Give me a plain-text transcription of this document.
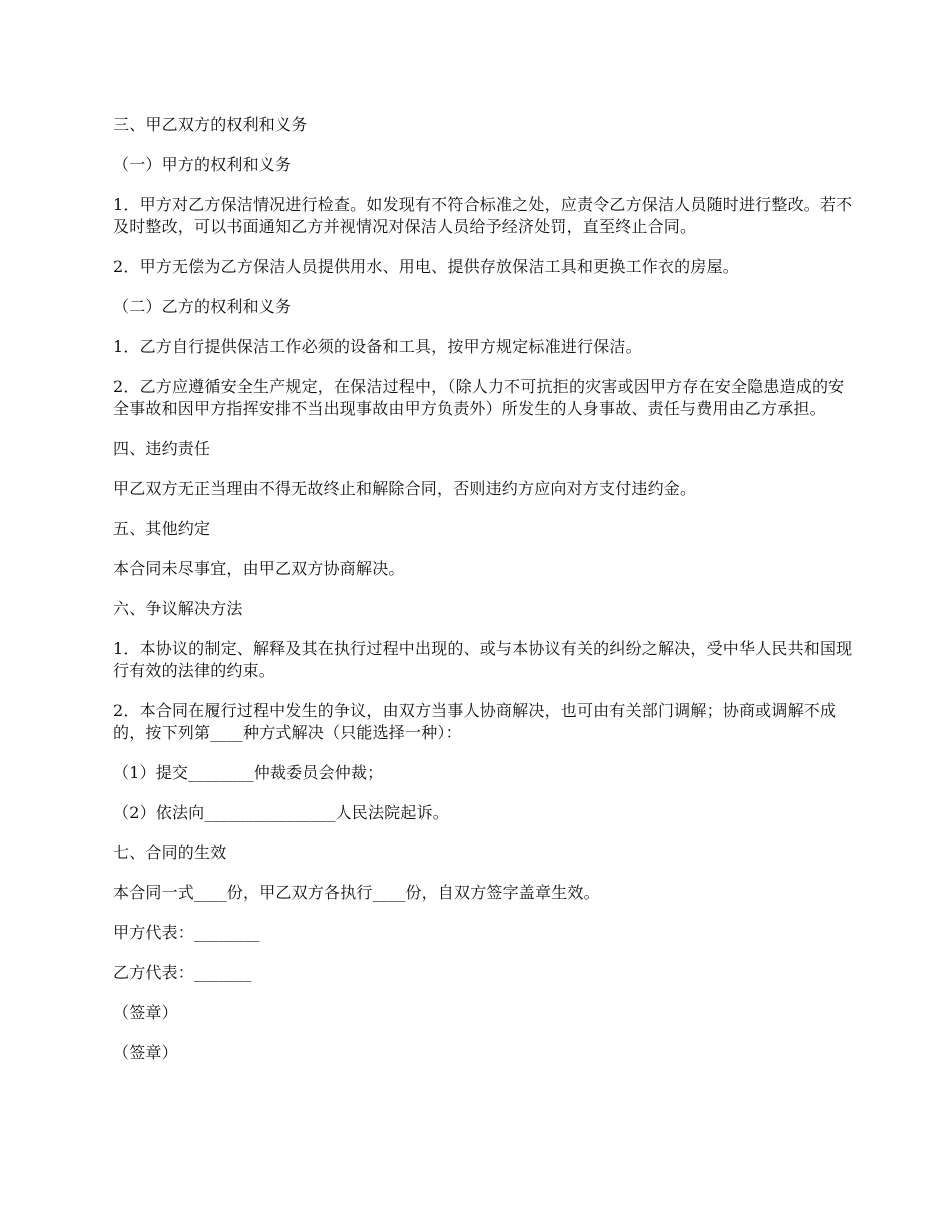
三、甲乙双方的权利和义务

（一）甲方的权利和义务

1．甲方对乙方保洁情况进行检查。如发现有不符合标准之处，应责令乙方保洁人员随时进行整改。若不及时整改，可以书面通知乙方并视情况对保洁人员给予经济处罚，直至终止合同。

2．甲方无偿为乙方保洁人员提供用水、用电、提供存放保洁工具和更换工作衣的房屋。

（二）乙方的权利和义务

1．乙方自行提供保洁工作必须的设备和工具，按甲方规定标准进行保洁。

2．乙方应遵循安全生产规定，在保洁过程中，（除人力不可抗拒的灾害或因甲方存在安全隐患造成的安全事故和因甲方指挥安排不当出现事故由甲方负责外）所发生的人身事故、责任与费用由乙方承担。

四、违约责任

甲乙双方无正当理由不得无故终止和解除合同，否则违约方应向对方支付违约金。

五、其他约定

本合同未尽事宜，由甲乙双方协商解决。

六、争议解决方法

1．本协议的制定、解释及其在执行过程中出现的、或与本协议有关的纠纷之解决，受中华人民共和国现行有效的法律的约束。

2．本合同在履行过程中发生的争议，由双方当事人协商解决，也可由有关部门调解；协商或调解不成的，按下列第____种方式解决（只能选择一种）：

（1）提交________仲裁委员会仲裁；

（2）依法向________________人民法院起诉。

七、合同的生效

本合同一式____份，甲乙双方各执行____份，自双方签字盖章生效。

甲方代表：________

乙方代表：_______

（签章）

（签章）
